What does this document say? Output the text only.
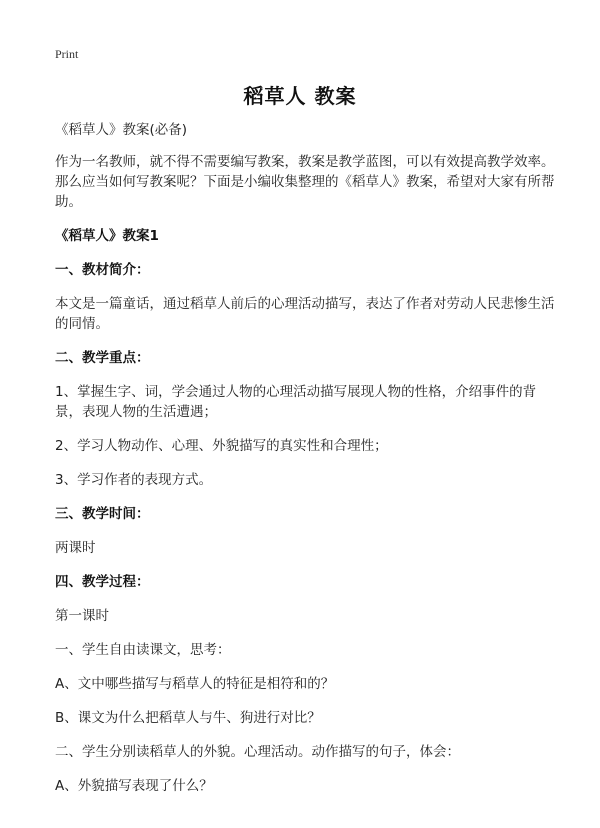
Print
稻草人 教案

《稻草人》教案(必备)

作为一名教师，就不得不需要编写教案，教案是教学蓝图，可以有效提高教学效率。那么应当如何写教案呢？下面是小编收集整理的《稻草人》教案，希望对大家有所帮助。

《稻草人》教案1
一、教材简介：

本文是一篇童话，通过稻草人前后的心理活动描写，表达了作者对劳动人民悲惨生活的同情。

二、教学重点：

1、掌握生字、词，学会通过人物的心理活动描写展现人物的性格，介绍事件的背景，表现人物的生活遭遇；

2、学习人物动作、心理、外貌描写的真实性和合理性；

3、学习作者的表现方式。

三、教学时间：

两课时

四、教学过程：

第一课时

一、学生自由读课文，思考：

A、文中哪些描写与稻草人的特征是相符和的？

B、课文为什么把稻草人与牛、狗进行对比？

二、学生分别读稻草人的外貌。心理活动。动作描写的句子，体会：

A、外貌描写表现了什么？
